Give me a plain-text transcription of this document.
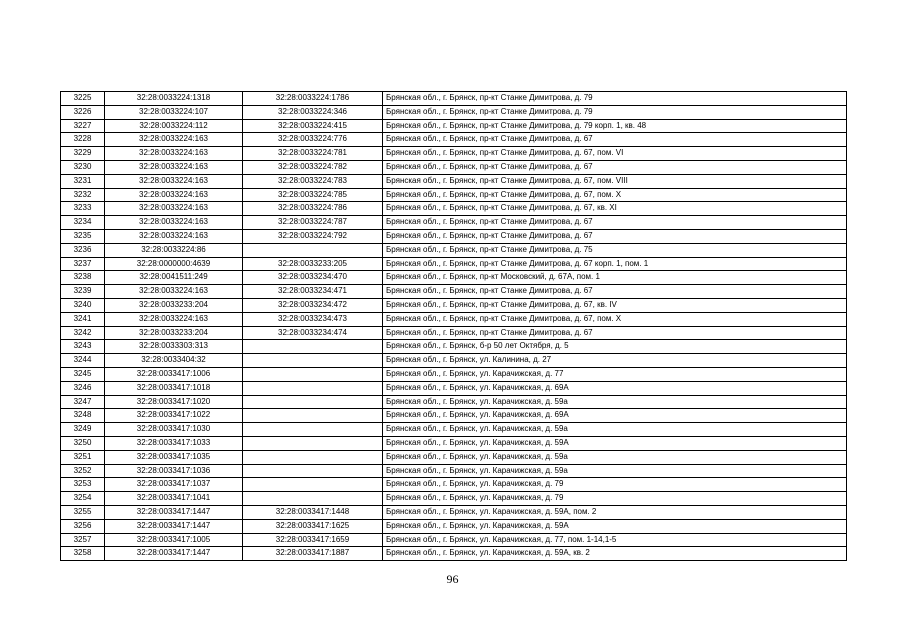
3225	32:28:0033224:1318	32:28:0033224:1786	Брянская обл., г. Брянск, пр-кт Станке Димитрова, д. 79
3226	32:28:0033224:107	32:28:0033224:346	Брянская обл., г. Брянск, пр-кт Станке Димитрова, д. 79
3227	32:28:0033224:112	32:28:0033224:415	Брянская обл., г. Брянск, пр-кт Станке Димитрова, д. 79 корп. 1, кв. 48
3228	32:28:0033224:163	32:28:0033224:776	Брянская обл., г. Брянск, пр-кт Станке Димитрова, д. 67
3229	32:28:0033224:163	32:28:0033224:781	Брянская обл., г. Брянск, пр-кт Станке Димитрова, д. 67, пом. VI
3230	32:28:0033224:163	32:28:0033224:782	Брянская обл., г. Брянск, пр-кт Станке Димитрова, д. 67
3231	32:28:0033224:163	32:28:0033224:783	Брянская обл., г. Брянск, пр-кт Станке Димитрова, д. 67, пом. VIII
3232	32:28:0033224:163	32:28:0033224:785	Брянская обл., г. Брянск, пр-кт Станке Димитрова, д. 67, пом. X
3233	32:28:0033224:163	32:28:0033224:786	Брянская обл., г. Брянск, пр-кт Станке Димитрова, д. 67, кв. XI
3234	32:28:0033224:163	32:28:0033224:787	Брянская обл., г. Брянск, пр-кт Станке Димитрова, д. 67
3235	32:28:0033224:163	32:28:0033224:792	Брянская обл., г. Брянск, пр-кт Станке Димитрова, д. 67
3236	32:28:0033224:86		Брянская обл., г. Брянск, пр-кт Станке Димитрова, д. 75
3237	32:28:0000000:4639	32:28:0033233:205	Брянская обл., г. Брянск, пр-кт Станке Димитрова, д. 67 корп. 1, пом. 1
3238	32:28:0041511:249	32:28:0033234:470	Брянская обл., г. Брянск, пр-кт Московский, д. 67А, пом. 1
3239	32:28:0033224:163	32:28:0033234:471	Брянская обл., г. Брянск, пр-кт Станке Димитрова, д. 67
3240	32:28:0033233:204	32:28:0033234:472	Брянская обл., г. Брянск, пр-кт Станке Димитрова, д. 67, кв. IV
3241	32:28:0033224:163	32:28:0033234:473	Брянская обл., г. Брянск, пр-кт Станке Димитрова, д. 67, пом. X
3242	32:28:0033233:204	32:28:0033234:474	Брянская обл., г. Брянск, пр-кт Станке Димитрова, д. 67
3243	32:28:0033303:313		Брянская обл., г. Брянск, б-р 50 лет Октября, д. 5
3244	32:28:0033404:32		Брянская обл., г. Брянск, ул. Калинина, д. 27
3245	32:28:0033417:1006		Брянская обл., г. Брянск, ул. Карачижская, д. 77
3246	32:28:0033417:1018		Брянская обл., г. Брянск, ул. Карачижская, д. 69А
3247	32:28:0033417:1020		Брянская обл., г. Брянск, ул. Карачижская, д. 59а
3248	32:28:0033417:1022		Брянская обл., г. Брянск, ул. Карачижская, д. 69А
3249	32:28:0033417:1030		Брянская обл., г. Брянск, ул. Карачижская, д. 59а
3250	32:28:0033417:1033		Брянская обл., г. Брянск, ул. Карачижская, д. 59А
3251	32:28:0033417:1035		Брянская обл., г. Брянск, ул. Карачижская, д. 59а
3252	32:28:0033417:1036		Брянская обл., г. Брянск, ул. Карачижская, д. 59а
3253	32:28:0033417:1037		Брянская обл., г. Брянск, ул. Карачижская, д. 79
3254	32:28:0033417:1041		Брянская обл., г. Брянск, ул. Карачижская, д. 79
3255	32:28:0033417:1447	32:28:0033417:1448	Брянская обл., г. Брянск, ул. Карачижская, д. 59А, пом. 2
3256	32:28:0033417:1447	32:28:0033417:1625	Брянская обл., г. Брянск, ул. Карачижская, д. 59А
3257	32:28:0033417:1005	32:28:0033417:1659	Брянская обл., г. Брянск, ул. Карачижская, д. 77, пом. 1-14,1-5
3258	32:28:0033417:1447	32:28:0033417:1887	Брянская обл., г. Брянск, ул. Карачижская, д. 59А, кв. 2
96
